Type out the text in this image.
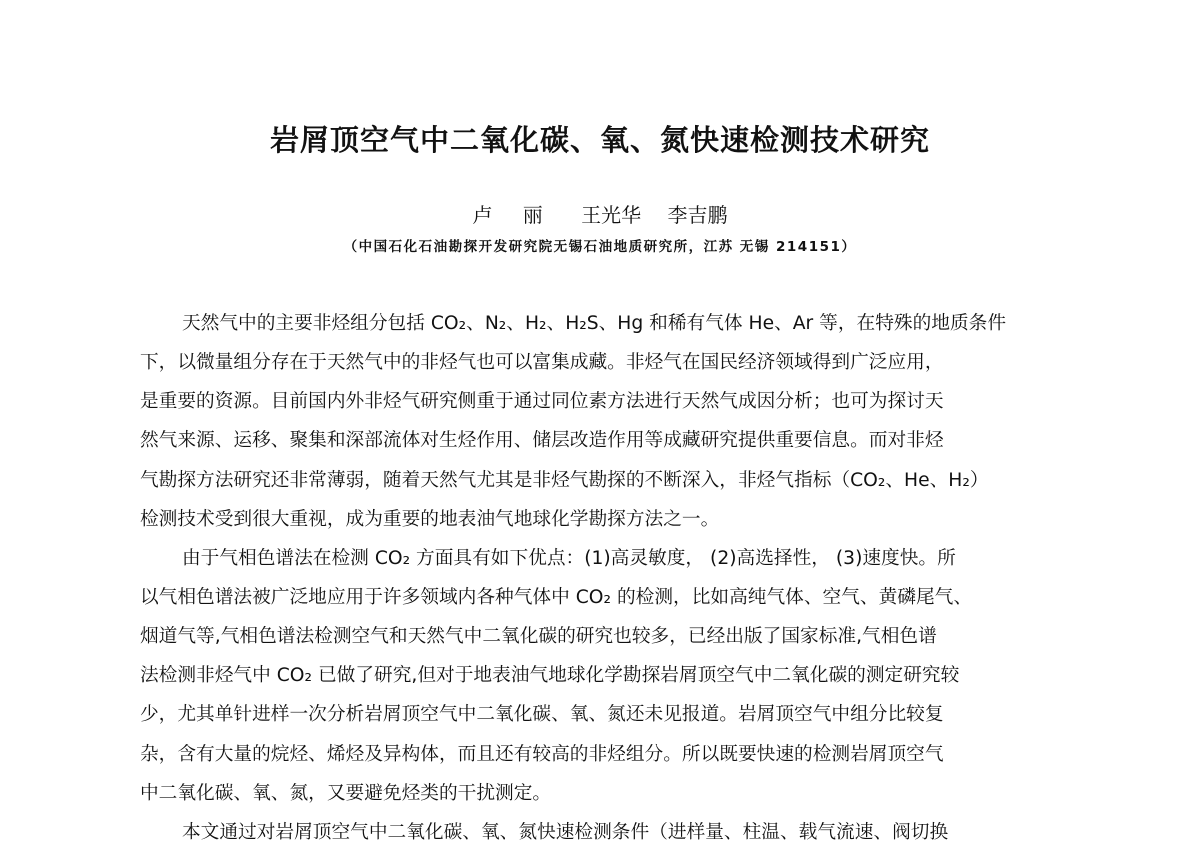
岩屑顶空气中二氧化碳、氧、氮快速检测技术研究
卢 丽 王光华 李吉鹏
（中国石化石油勘探开发研究院无锡石油地质研究所，江苏 无锡 214151）
天然气中的主要非烃组分包括 CO₂、N₂、H₂、H₂S、Hg 和稀有气体 He、Ar 等，在特殊的地质条件
下，以微量组分存在于天然气中的非烃气也可以富集成藏。非烃气在国民经济领域得到广泛应用，
是重要的资源。目前国内外非烃气研究侧重于通过同位素方法进行天然气成因分析；也可为探讨天
然气来源、运移、聚集和深部流体对生烃作用、储层改造作用等成藏研究提供重要信息。而对非烃
气勘探方法研究还非常薄弱，随着天然气尤其是非烃气勘探的不断深入，非烃气指标（CO₂、He、H₂）
检测技术受到很大重视，成为重要的地表油气地球化学勘探方法之一。
由于气相色谱法在检测 CO₂ 方面具有如下优点：(1)高灵敏度， (2)高选择性， (3)速度快。所
以气相色谱法被广泛地应用于许多领域内各种气体中 CO₂ 的检测，比如高纯气体、空气、黄磷尾气、
烟道气等,气相色谱法检测空气和天然气中二氧化碳的研究也较多，已经出版了国家标准,气相色谱
法检测非烃气中 CO₂ 已做了研究,但对于地表油气地球化学勘探岩屑顶空气中二氧化碳的测定研究较
少，尤其单针进样一次分析岩屑顶空气中二氧化碳、氧、氮还未见报道。岩屑顶空气中组分比较复
杂，含有大量的烷烃、烯烃及异构体，而且还有较高的非烃组分。所以既要快速的检测岩屑顶空气
中二氧化碳、氧、氮，又要避免烃类的干扰测定。
本文通过对岩屑顶空气中二氧化碳、氧、氮快速检测条件（进样量、柱温、载气流速、阀切换
